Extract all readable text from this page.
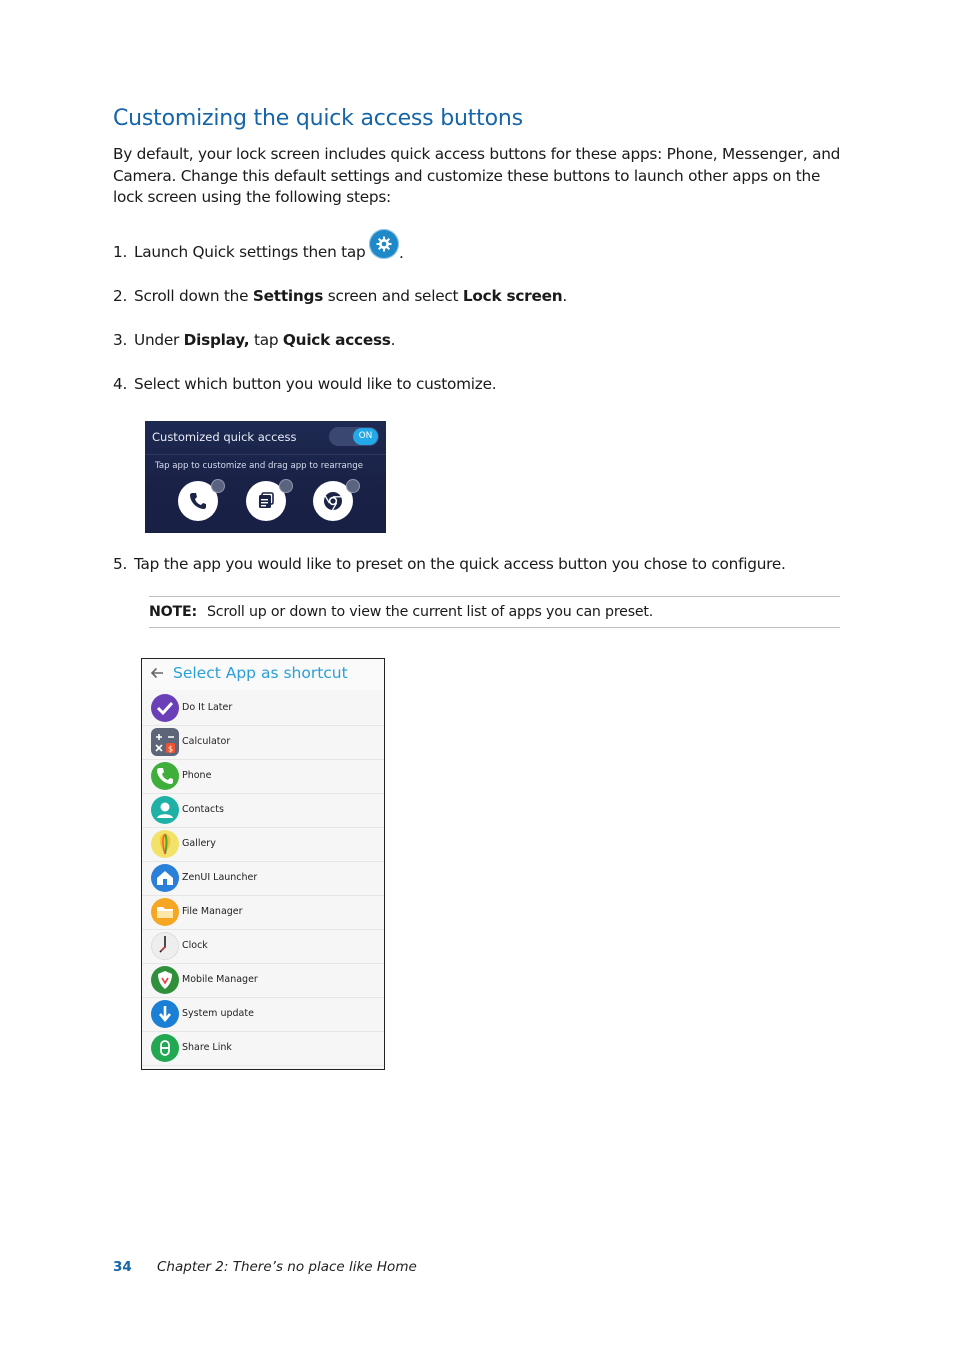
Customizing the quick access buttons

By default, your lock screen includes quick access buttons for these apps: Phone, Messenger, and Camera. Change this default settings and customize these buttons to launch other apps on the lock screen using the following steps:

1. Launch Quick settings then tap .

2. Scroll down the Settings screen and select Lock screen.

3. Under Display, tap Quick access.

4. Select which button you would like to customize.

Customized quick access	ON
Tap app to customize and drag app to rearrange

5. Tap the app you would like to preset on the quick access button you chose to configure.

NOTE: Scroll up or down to view the current list of apps you can preset.
Select App as shortcut
Do It Later
$
Calculator
Phone
Contacts
Gallery
ZenUI Launcher
File Manager
Clock
Mobile Manager
System update
Share Link
34 Chapter 2: There’s no place like Home
